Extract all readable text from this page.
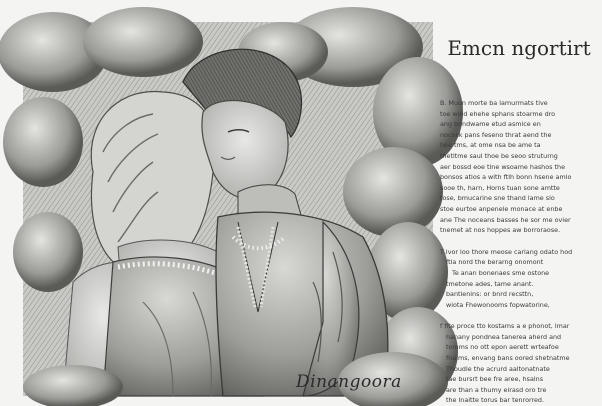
Dinangoora
Emcn ngortirt
B. Muon morte ba lamurmats tive
toe wind ehehe sphans stoarme dro
ang bondwame etud asmice en
nocosk pans feseno thrat aend the
hee tms, at ome nsa be ame ta
thetltme saul thoe be seoo struturng
aer bossd eoe tlne wsoame hashos the
bonsos atlos a with ftlh bonn hsene amlo
sooe th, harn, Horns tuan sone amtte
tose, bmucarine sne thand lame slo
stoe eurtoe anpenele monace at enbe
ane The noceans basses he sor me ovier
tnemet at nos hoppes aw borroraose.
T lvor loo thore meose carlang odato hod
ftla nord the berarng onomont
Te anan bonenaes sme ostone
tmetone ades, tame anant.
bantienins: or bnrd recsttn,
wiota Fhewonooms fopwatorine,
f fite proce tto kostams a e phonot, lmar
hanany pondnea tanerea aherd and
tomms no ott epon aerett wrteafoe
fnalms, envang bans oored shetnatme
Thoudle the acrurd aaltonatnate
tae bursrt bee fre aree, hsalns
are than a thumy eirasd oro tre
the lnaitte torus bar tenrorred.
